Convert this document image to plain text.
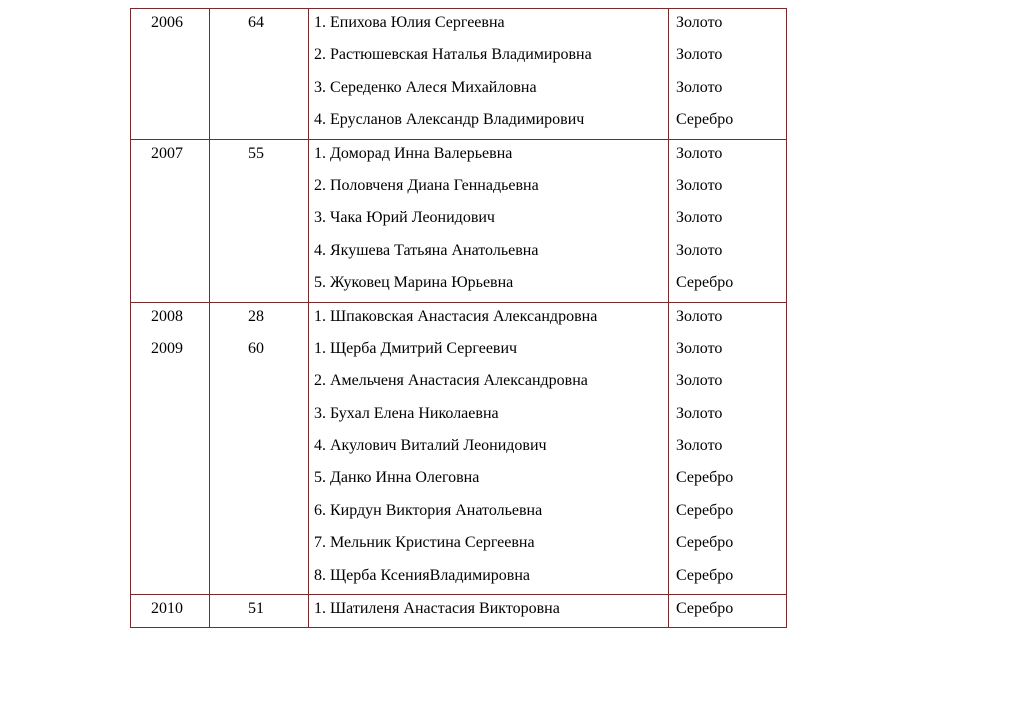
2006	64	1. Епихова Юлия Сергеевна	Золото
2. Растюшевская Наталья Владимировна	Золото
3. Середенко Алеся Михайловна	Золото
4. Ерусланов Александр Владимирович	Серебро
2007	55	1. Доморад Инна Валерьевна	Золото
2. Половченя Диана Геннадьевна	Золото
3. Чака Юрий Леонидович	Золото
4. Якушева Татьяна Анатольевна	Золото
5. Жуковец Марина Юрьевна	Серебро
2008	28	1. Шпаковская Анастасия Александровна	Золото
2009	60	1. Щерба Дмитрий Сергеевич	Золото
2. Амельченя Анастасия Александровна	Золото
3. Бухал Елена Николаевна	Золото
4. Акулович Виталий Леонидович	Золото
5. Данко Инна Олеговна	Серебро
6. Кирдун Виктория Анатольевна	Серебро
7. Мельник Кристина Сергеевна	Серебро
8. Щерба КсенияВладимировна	Серебро
2010	51	1. Шатиленя Анастасия Викторовна	Серебро
